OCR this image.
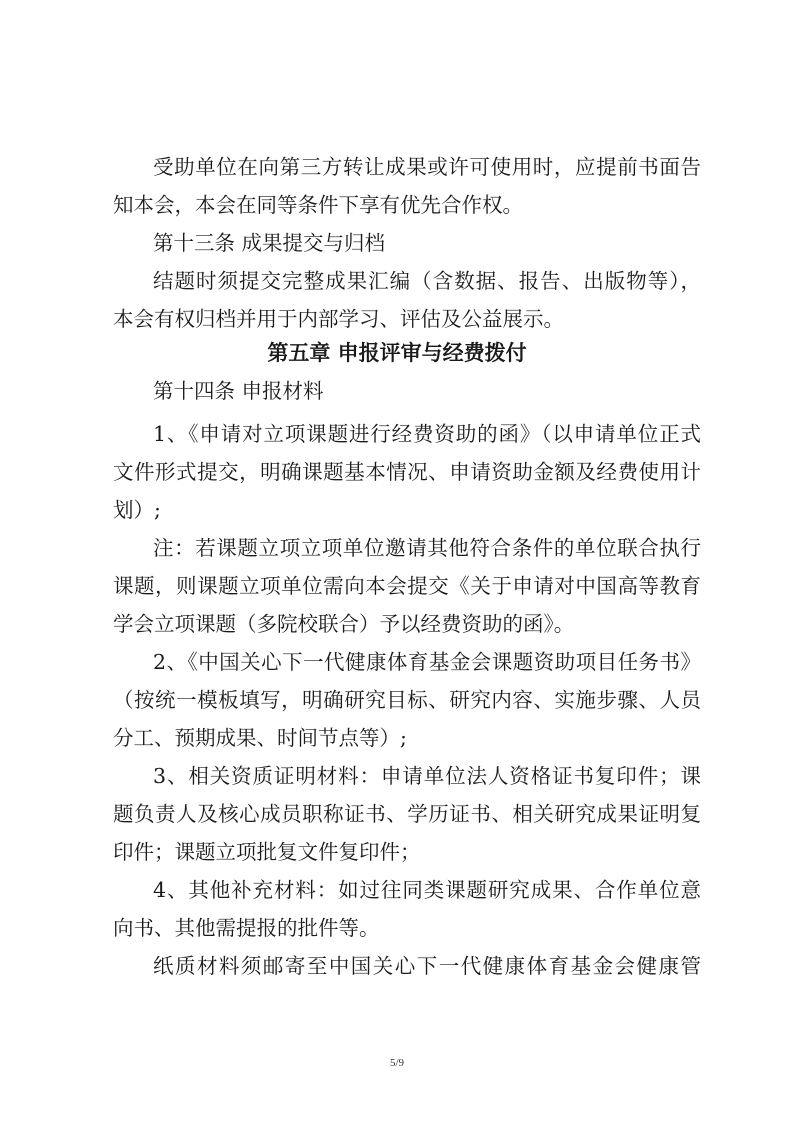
受助单位在向第三方转让成果或许可使用时，应提前书面告
知本会，本会在同等条件下享有优先合作权。
第十三条 成果提交与归档
结题时须提交完整成果汇编（含数据、报告、出版物等），
本会有权归档并用于内部学习、评估及公益展示。
第五章 申报评审与经费拨付
第十四条 申报材料
1、《申请对立项课题进行经费资助的函》（以申请单位正式
文件形式提交，明确课题基本情况、申请资助金额及经费使用计
划）;
注：若课题立项立项单位邀请其他符合条件的单位联合执行
课题，则课题立项单位需向本会提交《关于申请对中国高等教育
学会立项课题（多院校联合）予以经费资助的函》。
2、《中国关心下一代健康体育基金会课题资助项目任务书》
（按统一模板填写，明确研究目标、研究内容、实施步骤、人员
分工、预期成果、时间节点等）;
3、相关资质证明材料：申请单位法人资格证书复印件；课
题负责人及核心成员职称证书、学历证书、相关研究成果证明复
印件；课题立项批复文件复印件；
4、其他补充材料：如过往同类课题研究成果、合作单位意
向书、其他需提报的批件等。
纸质材料须邮寄至中国关心下一代健康体育基金会健康管
5/9
